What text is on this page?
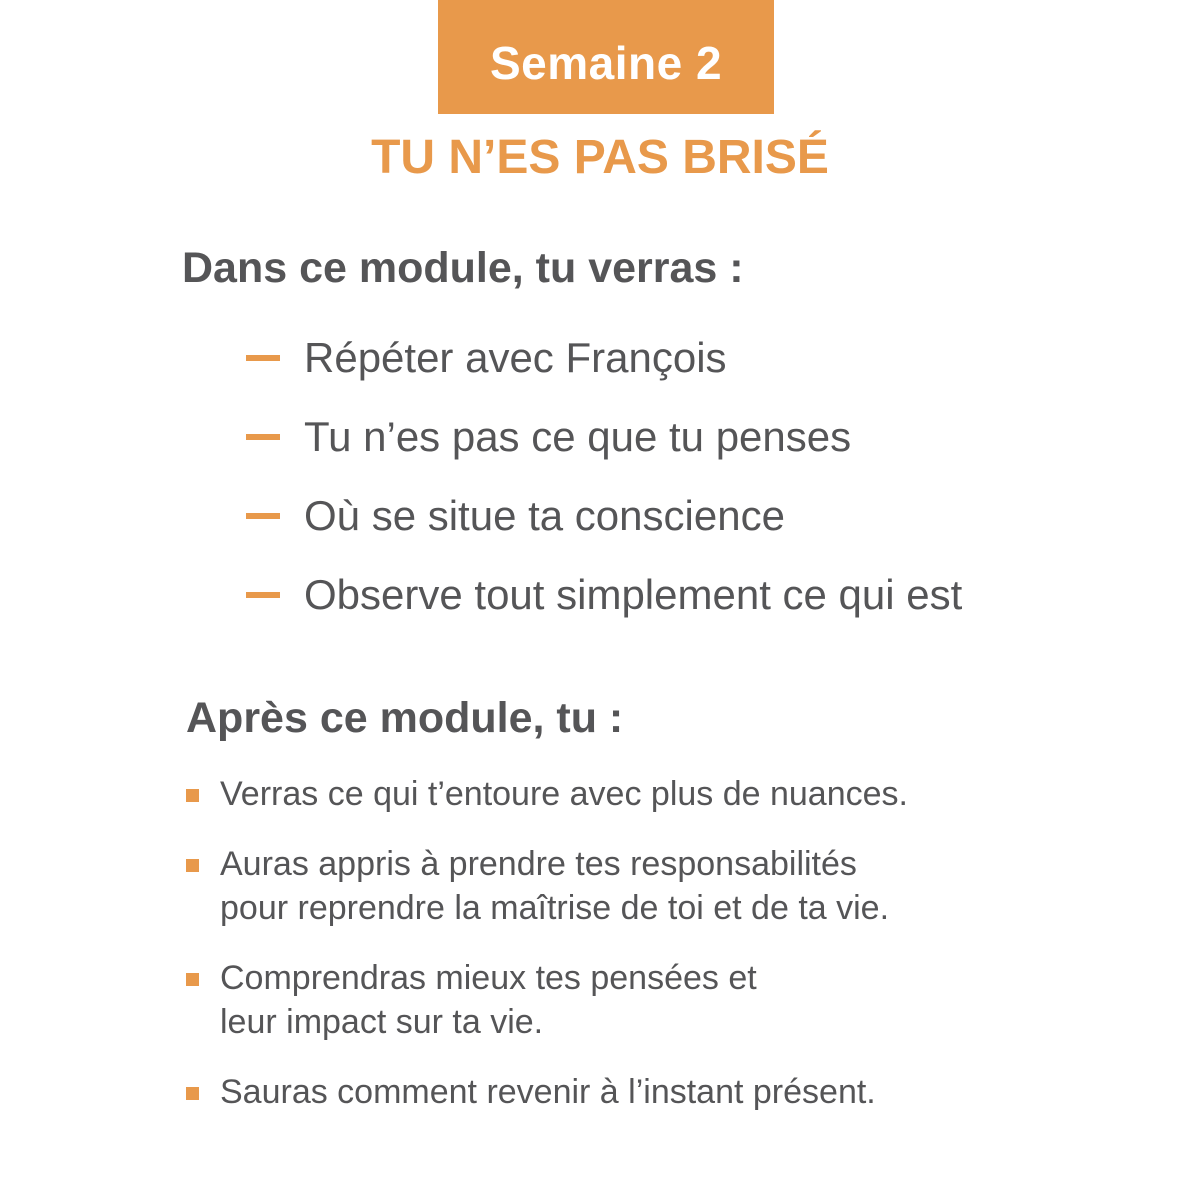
Semaine 2
TU N’ES PAS BRISÉ
Dans ce module, tu verras :
Répéter avec François
Tu n’es pas ce que tu penses
Où se situe ta conscience
Observe tout simplement ce qui est
Après ce module, tu :
Verras ce qui t’entoure avec plus de nuances.
Auras appris à prendre tes responsabilités
pour reprendre la maîtrise de toi et de ta vie.
Comprendras mieux tes pensées et
leur impact sur ta vie.
Sauras comment revenir à l’instant présent.
